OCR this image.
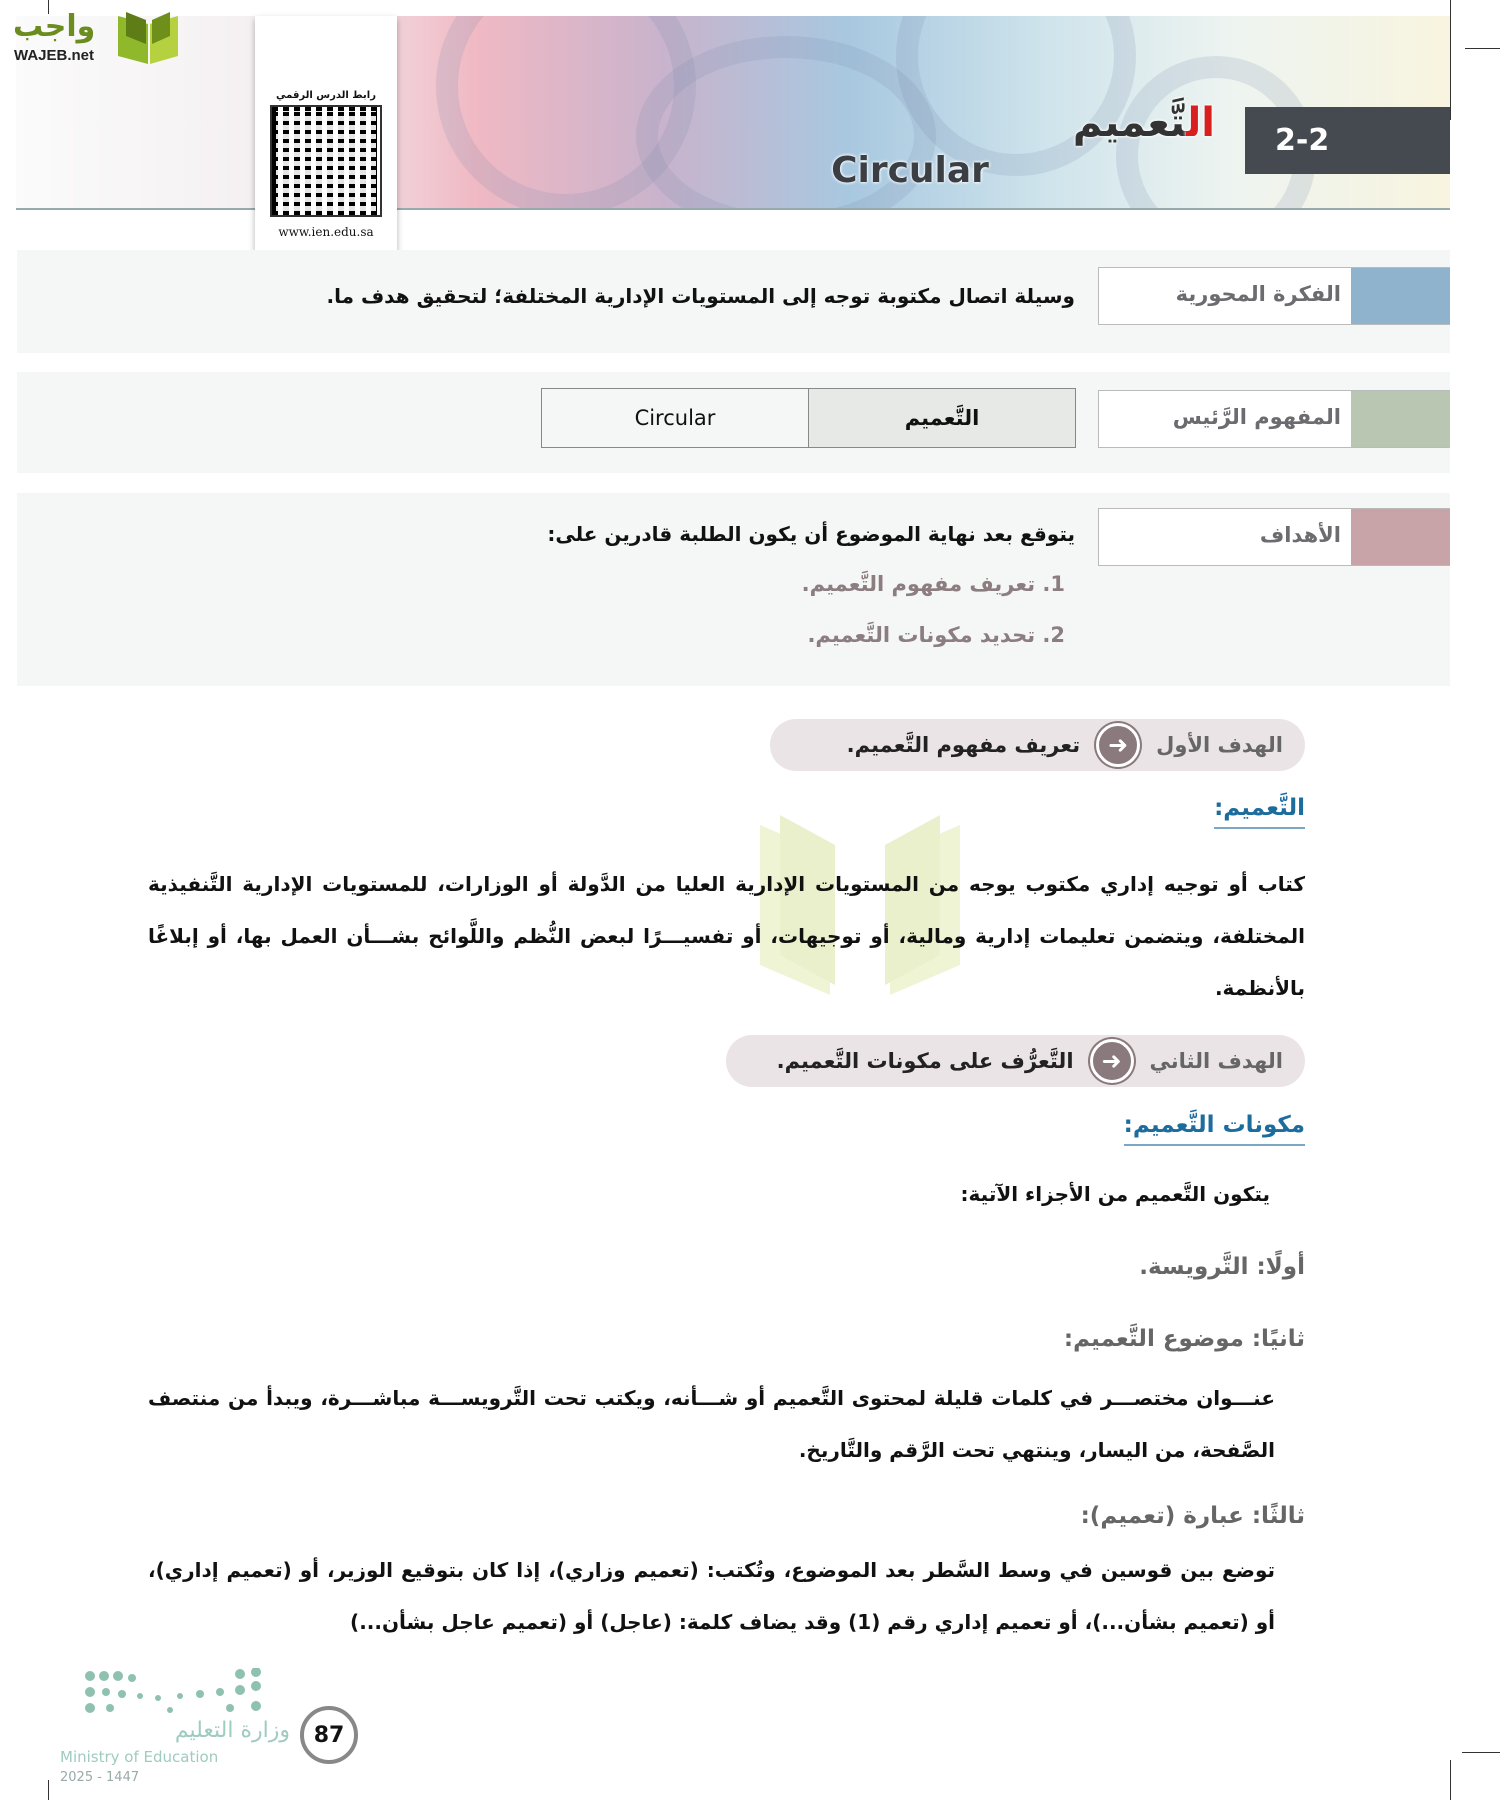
2-2
التَّعميم
Circular
رابط الدرس الرقمي
www.ien.edu.sa
واجب
WAJEB.net
الفكرة المحورية
وسيلة اتصال مكتوبة توجه إلى المستويات الإدارية المختلفة؛ لتحقيق هدف ما.
المفهوم الرَّئيس
التَّعميم
Circular
الأهداف
يتوقع بعد نهاية الموضوع أن يكون الطلبة قادرين على:
1. تعريف مفهوم التَّعميم.
2. تحديد مكونات التَّعميم.
الهدف الأول
➜
تعريف مفهوم التَّعميم.
التَّعميم:
كتاب أو توجيه إداري مكتوب يوجه من المستويات الإدارية العليا من الدَّولة أو الوزارات، للمستويات الإدارية التَّنفيذية المختلفة، ويتضمن تعليمات إدارية ومالية، أو توجيهات، أو تفسيـــرًا لبعض النُّظم واللَّوائح بشـــأن العمل بها، أو إبلاغًا بالأنظمة.
الهدف الثاني
➜
التَّعرُّف على مكونات التَّعميم.
مكونات التَّعميم:
يتكون التَّعميم من الأجزاء الآتية:
أولًا: التَّرويسة.
ثانيًا: موضوع التَّعميم:
عنـــوان مختصـــر في كلمات قليلة لمحتوى التَّعميم أو شـــأنه، ويكتب تحت التَّرويســـة مباشـــرة، ويبدأ من منتصف الصَّفحة، من اليسار، وينتهي تحت الرَّقم والتَّاريخ.
ثالثًا: عبارة (تعميم):
توضع بين قوسين في وسط السَّطر بعد الموضوع، وتُكتب: (تعميم وزاري)، إذا كان بتوقيع الوزير، أو (تعميم إداري)، أو (تعميم بشأن...)، أو تعميم إداري رقم (1) وقد يضاف كلمة: (عاجل) أو (تعميم عاجل بشأن...)
وزارة التعليم
Ministry of Education
2025 - 1447
87
